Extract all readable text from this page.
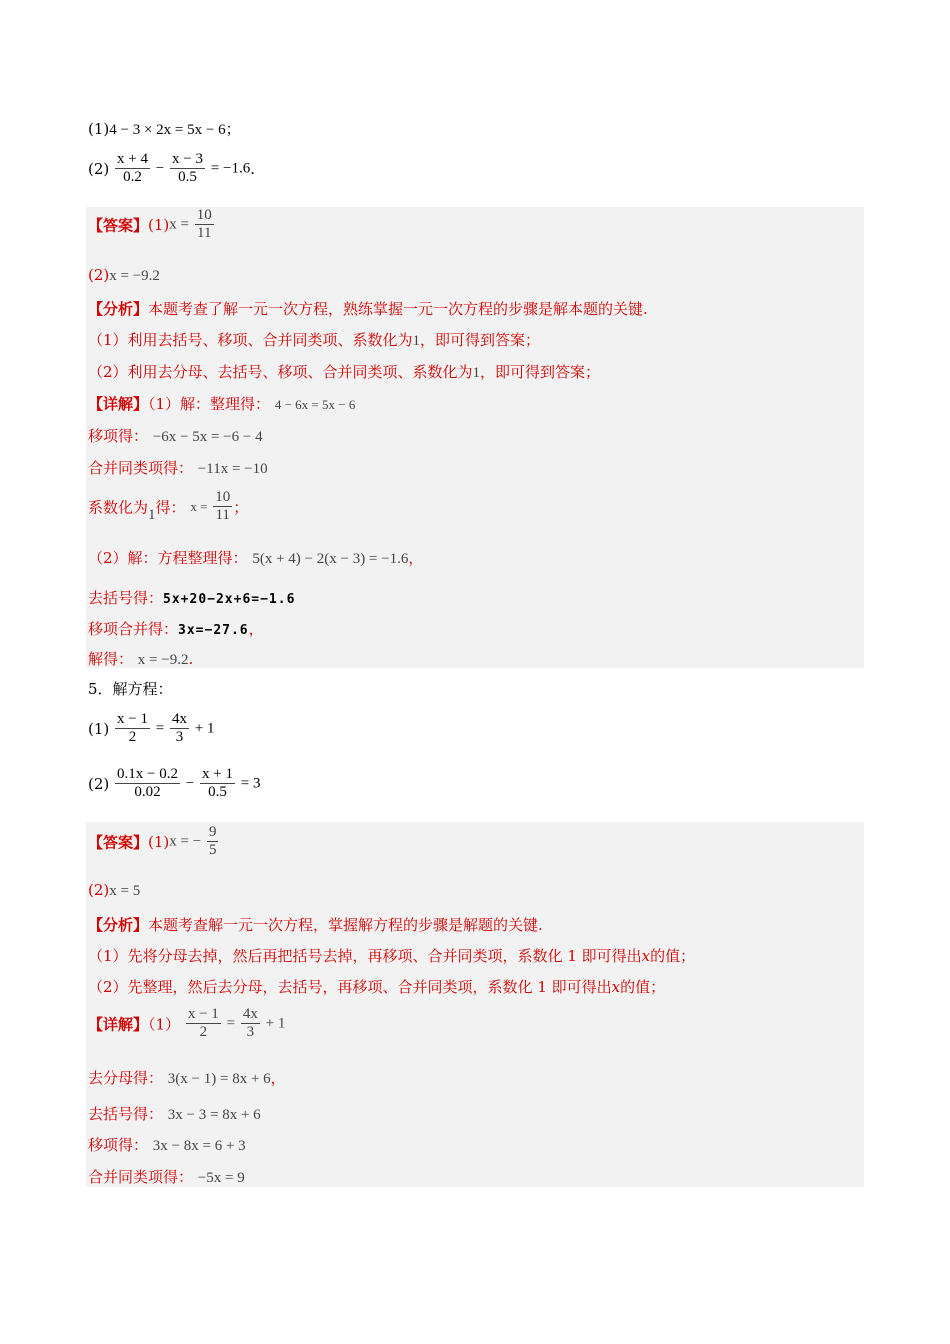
(1)4 − 3 × 2x = 5x − 6；
$(2) \frac{x + 4}{0.2} - \frac{x - 3}{0.5} = -1.6$.
【答案】$(1)x = \frac{10}{11}$
(2)x = −9.2
【分析】本题考查了解一元一次方程，熟练掌握一元一次方程的步骤是解本题的关键.
（1）利用去括号、移项、合并同类项、系数化为1，即可得到答案；
（2）利用去分母、去括号、移项、合并同类项、系数化为1，即可得到答案；
【详解】（1）解：整理得： 4 − 6x = 5x − 6
移项得： −6x − 5x = −6 − 4
合并同类项得： −11x = −10
系数化为1得： $x = \frac{10}{11}$ ；
（2）解：方程整理得： 5(x + 4) − 2(x − 3) = −1.6，
去括号得：5x+20−2x+6=−1.6
移项合并得：3x=−27.6，
解得： x = −9.2.
5．解方程：
$(1) \frac{x - 1}{2} = \frac{4x}{3} + 1$
$(2) \frac{0.1x - 0.2}{0.02} - \frac{x + 1}{0.5} = 3$
【答案】(1)x = − $\frac{9}{5}$
(2)x = 5
【分析】本题考查解一元一次方程，掌握解方程的步骤是解题的关键.
（1）先将分母去掉，然后再把括号去掉，再移项、合并同类项，系数化 1 即可得出x的值；
（2）先整理，然后去分母，去括号，再移项、合并同类项，系数化 1 即可得出x的值；
【详解】$(1) \frac{x - 1}{2} = \frac{4x}{3} + 1$
去分母得： 3(x − 1) = 8x + 6，
去括号得： 3x − 3 = 8x + 6
移项得： 3x − 8x = 6 + 3
合并同类项得： −5x = 9
